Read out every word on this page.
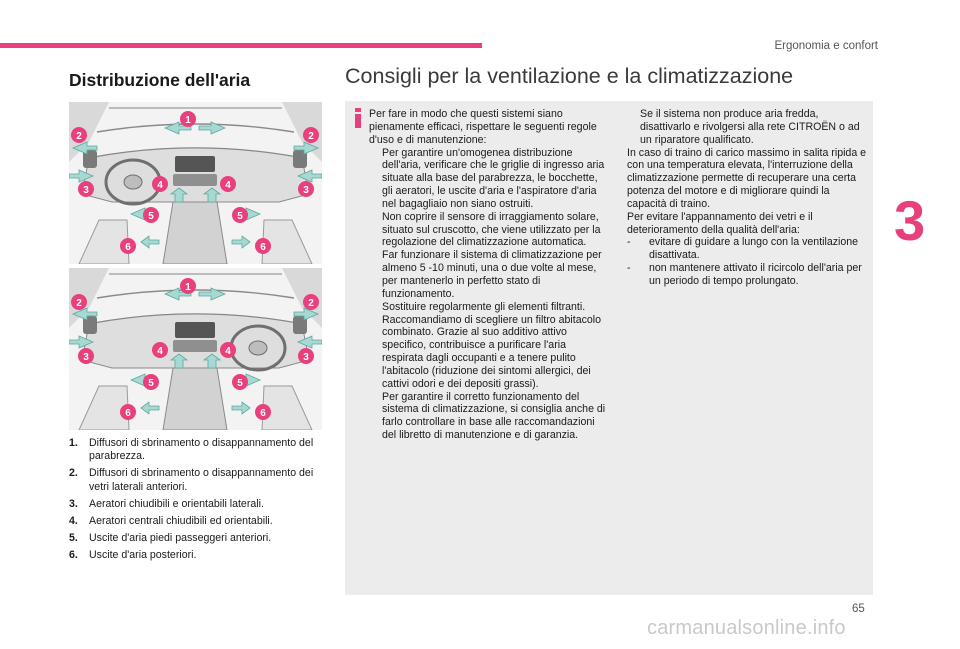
Ergonomia e confort
3
65
Distribuzione dell'aria
1
2	2
3	3
4	4
5	5
6	6
1
2	2
3	3
4	4
5	5
6	6
1. Diffusori di sbrinamento o disappannamento del parabrezza.
2. Diffusori di sbrinamento o disappannamento dei vetri laterali anteriori.
3. Aeratori chiudibili e orientabili laterali.
4. Aeratori centrali chiudibili ed orientabili.
5. Uscite d'aria piedi passeggeri anteriori.
6. Uscite d'aria posteriori.
Consigli per la ventilazione e la climatizzazione

Per fare in modo che questi sistemi siano pienamente efficaci, rispettare le seguenti regole d'uso e di manutenzione:

Per garantire un'omogenea distribuzione dell'aria, verificare che le griglie di ingresso aria situate alla base del parabrezza, le bocchette, gli aeratori, le uscite d'aria e l'aspiratore d'aria nel bagagliaio non siano ostruiti.

Non coprire il sensore di irraggiamento solare, situato sul cruscotto, che viene utilizzato per la regolazione del climatizzazione automatica.

Far funzionare il sistema di climatizzazione per almeno 5 -10 minuti, una o due volte al mese, per mantenerlo in perfetto stato di funzionamento.

Sostituire regolarmente gli elementi filtranti. Raccomandiamo di scegliere un filtro abitacolo combinato. Grazie al suo additivo attivo specifico, contribuisce a purificare l'aria respirata dagli occupanti e a tenere pulito l'abitacolo (riduzione dei sintomi allergici, dei cattivi odori e dei depositi grassi).

Per garantire il corretto funzionamento del sistema di climatizzazione, si consiglia anche di farlo controllare in base alle raccomandazioni del libretto di manutenzione e di garanzia.

Se il sistema non produce aria fredda, disattivarlo e rivolgersi alla rete CITROËN o ad un riparatore qualificato.

In caso di traino di carico massimo in salita ripida e con una temperatura elevata, l'interruzione della climatizzazione permette di recuperare una certa potenza del motore e di migliorare quindi la capacità di traino.

Per evitare l'appannamento dei vetri e il deterioramento della qualità dell'aria:

- evitare di guidare a lungo con la ventilazione disattivata.

- non mantenere attivato il ricircolo dell'aria per un periodo di tempo prolungato.

carmanualsonline.info
